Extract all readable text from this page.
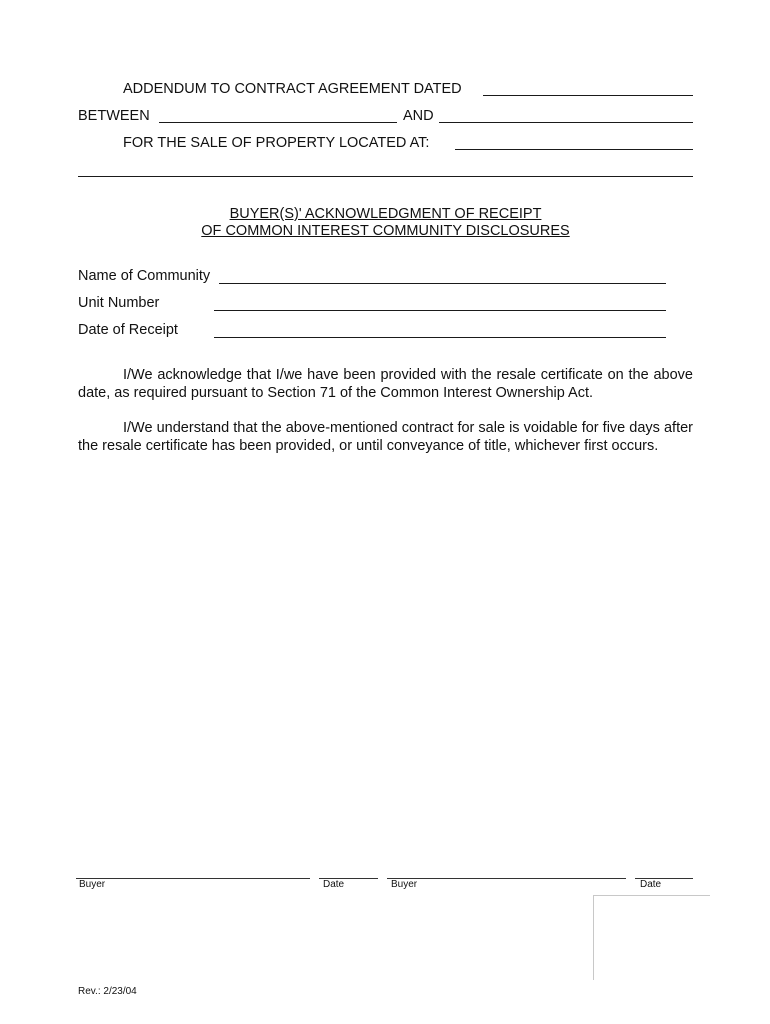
ADDENDUM TO CONTRACT AGREEMENT DATED
BETWEEN	AND
FOR THE SALE OF PROPERTY LOCATED AT:
BUYER(S)' ACKNOWLEDGMENT OF RECEIPT
OF COMMON INTEREST COMMUNITY DISCLOSURES
Name of Community
Unit Number
Date of Receipt

I/We acknowledge that I/we have been provided with the resale certificate on the above date, as required pursuant to Section 71 of the Common Interest Ownership Act.

I/We understand that the above-mentioned contract for sale is voidable for five days after the resale certificate has been provided, or until conveyance of title, whichever first occurs.

Buyer	Date	Buyer	Date
Rev.: 2/23/04
